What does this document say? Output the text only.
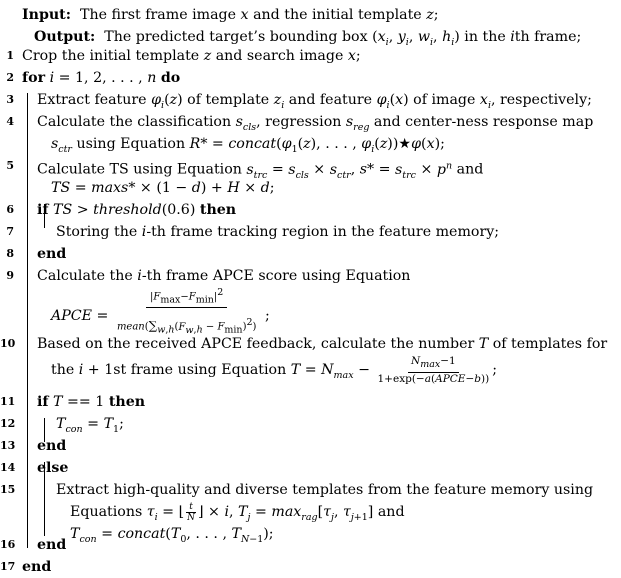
Input:  The first frame image x and the initial template z;
Output:  The predicted target’s bounding box ($x_i$, $y_i$, $w_i$, $h_i$) in the ith frame;
1 Crop the initial template z and search image x;
2 for i = 1, 2, . . . , n do
3 Extract feature $\varphi_i(z)$ of template $z_i$ and feature $\varphi_i(x)$ of image $x_i$, respectively;
4 Calculate the classification $s_{cls}$, regression $s_{reg}$ and center-ness response map
$s_{ctr}$ using Equation $R* = concat(\varphi_1(z)$, . . . , $\varphi_i(z))★\varphi(x)$;
5 Calculate TS using Equation $s_{trc} = s_{cls} \times s_{ctr}$, $s* = s_{trc} \times p^n$ and
TS = maxs* × (1 − d) + H × d;
6 if TS > threshold(0.6) then
7	Storing the i-th frame tracking region in the feature memory;
8 end
9 Calculate the i-th frame APCE score using Equation
APCE =
$|F_{max}-F_{min}|^2$
$mean(\sum_{w,h}(F_{w,h} - F_{min})^2)$
;
10 Based on the received APCE feedback, calculate the number T of templates for
the i + 1st frame using Equation $T = N_{max} - \frac{N_{max}-1}{\text{1+exp(−a(APCE−b))}}$ ;
11 if T == 1 then
12	$T_{con} = T_1$;
13 end
14 else
15	Extract high-quality and diverse templates from the feature memory using
Equations $\tau_i$ = ⌊ $\frac{t}{N}$ ⌋ × i, $T_j = \max_{rag}[\tau_j$, $\tau_{j+1}$] and
$T_{con}$ = $concat(T_0$, . . . , $T_{N-1}$);
16 end
17 end
